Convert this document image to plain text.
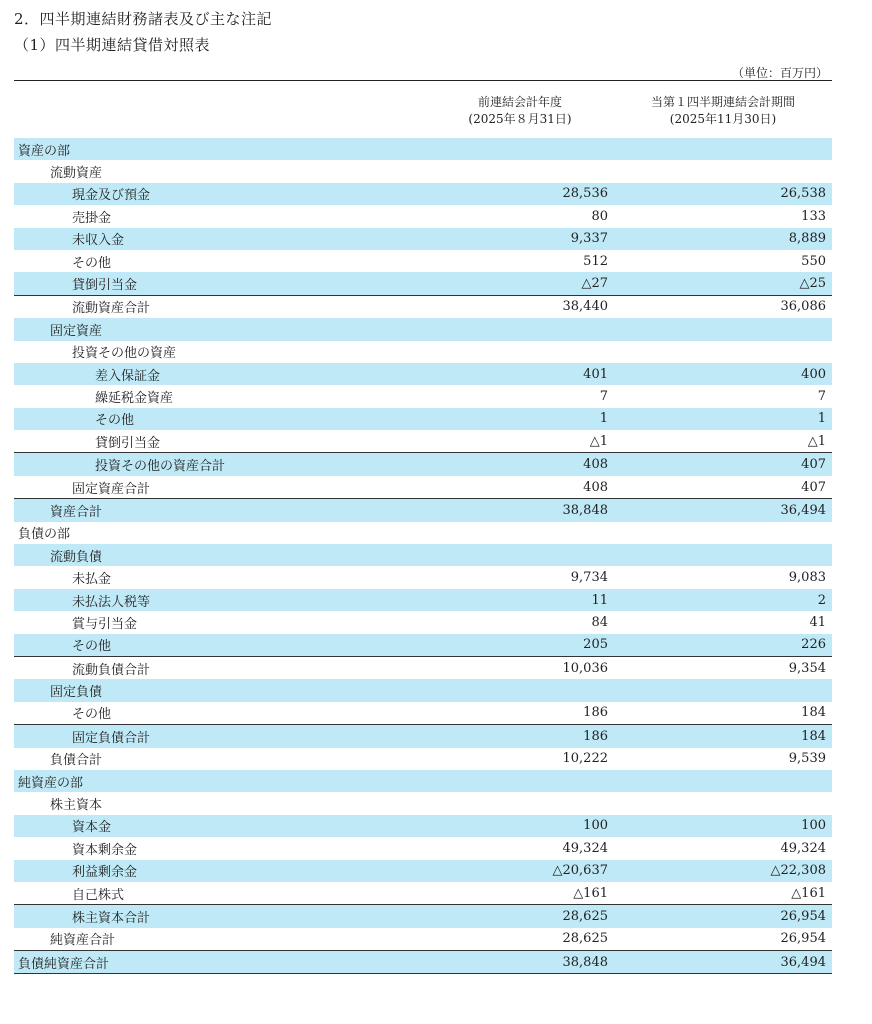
2．四半期連結財務諸表及び主な注記
（1）四半期連結貸借対照表
（単位：百万円）
前連結会計年度
(2025年８月31日)
当第１四半期連結会計期間
(2025年11月30日)
資産の部		
流動資産		
現金及び預金	28,536	26,538
売掛金	80	133
未収入金	9,337	8,889
その他	512	550
貸倒引当金	△27	△25
流動資産合計	38,440	36,086
固定資産		
投資その他の資産		
差入保証金	401	400
繰延税金資産	7	7
その他	1	1
貸倒引当金	△1	△1
投資その他の資産合計	408	407
固定資産合計	408	407
資産合計	38,848	36,494
負債の部		
流動負債		
未払金	9,734	9,083
未払法人税等	11	2
賞与引当金	84	41
その他	205	226
流動負債合計	10,036	9,354
固定負債		
その他	186	184
固定負債合計	186	184
負債合計	10,222	9,539
純資産の部		
株主資本		
資本金	100	100
資本剰余金	49,324	49,324
利益剰余金	△20,637	△22,308
自己株式	△161	△161
株主資本合計	28,625	26,954
純資産合計	28,625	26,954
負債純資産合計	38,848	36,494
